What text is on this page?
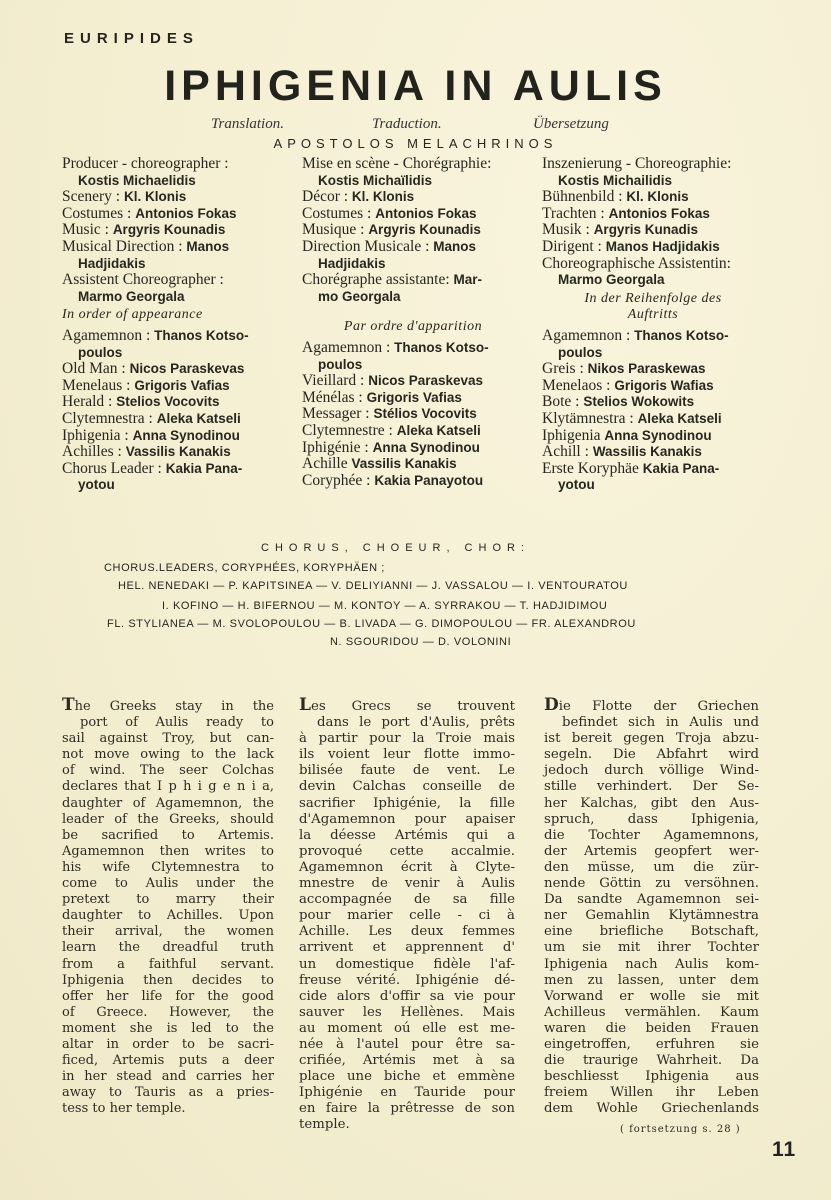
EURIPIDES
IPHIGENIA IN AULIS
Translation.	Traduction.	Übersetzung
APOSTOLOS MELACHRINOS
Producer - choreographer :
Kostis Michaelidis
Scenery : Kl. Klonis
Costumes : Antonios Fokas
Music : Argyris Kounadis
Musical Direction : Manos
Hadjidakis
Assistent Choreographer :
Marmo Georgala
In order of appearance
Agamemnon : Thanos Kotso-
poulos
Old Man : Nicos Paraskevas
Menelaus : Grigoris Vafias
Herald : Stelios Vocovits
Clytemnestra : Aleka Katseli
Iphigenia : Anna Synodinou
Achilles : Vassilis Kanakis
Chorus Leader : Kakia Pana-
yotou
Mise en scène - Chorégraphie:
Kostis Michaïlidis
Décor : Kl. Klonis
Costumes : Antonios Fokas
Musique : Argyris Kounadis
Direction Musicale : Manos
Hadjidakis
Chorégraphe assistante: Mar-
mo Georgala
Par ordre d'apparition
Agamemnon : Thanos Kotso-
poulos
Vieillard : Nicos Paraskevas
Ménélas : Grigoris Vafias
Messager : Stélios Vocovits
Clytemnestre : Aleka Katseli
Iphigénie : Anna Synodinou
Achille Vassilis Kanakis
Coryphée : Kakia Panayotou
Inszenierung - Choreographie:
Kostis Michailidis
Bühnenbild : Kl. Klonis
Trachten : Antonios Fokas
Musik : Argyris Kunadis
Dirigent : Manos Hadjidakis
Choreographische Assistentin:
Marmo Georgala
In der Reihenfolge des
Auftritts
Agamemnon : Thanos Kotso-
poulos
Greis : Nikos Paraskewas
Menelaos : Grigoris Wafias
Bote : Stelios Wokowits
Klytämnestra : Aleka Katseli
Iphigenia Anna Synodinou
Achill : Wassilis Kanakis
Erste Koryphäe Kakia Pana-
yotou
CHORUS, CHOEUR, CHOR:
CHORUS.LEADERS, CORYPHÉES, KORYPHÄEN ;
HEL. NENEDAKI — P. KAPITSINEA — V. DELIYIANNI — J. VASSALOU — I. VENTOURATOU
I. KOFINO — H. BIFERNOU — M. KONTOY — A. SYRRAKOU — T. HADJIDIMOU
FL. STYLIANEA — M. SVOLOPOULOU — B. LIVADA — G. DIMOPOULOU — FR. ALEXANDROU
N. SGOURIDOU — D. VOLONINI
The Greeks stay in the
port of Aulis ready to
sail against Troy, but can-
not move owing to the lack
of wind. The seer Colchas
declares that I p h i g e n i a,
daughter of Agamemnon, the
leader of the Greeks, should
be sacrified to Artemis.
Agamemnon then writes to
his wife Clytemnestra to
come to Aulis under the
pretext to marry their
daughter to Achilles. Upon
their arrival, the women
learn the dreadful truth
from a faithful servant.
Iphigenia then decides to
offer her life for the good
of Greece. However, the
moment she is led to the
altar in order to be sacri-
ficed, Artemis puts a deer
in her stead and carries her
away to Tauris as a pries-
tess to her temple.
Les Grecs se trouvent
dans le port d'Aulis, prêts
à partir pour la Troie mais
ils voient leur flotte immo-
bilisée faute de vent. Le
devin Calchas conseille de
sacrifier Iphigénie, la fille
d'Agamemnon pour apaiser
la déesse Artémis qui a
provoqué cette accalmie.
Agamemnon écrit à Clyte-
mnestre de venir à Aulis
accompagnée de sa fille
pour marier celle - ci à
Achille. Les deux femmes
arrivent et apprennent d'
un domestique fidèle l'af-
freuse vérité. Iphigénie dé-
cide alors d'offir sa vie pour
sauver les Hellènes. Mais
au moment oú elle est me-
née à l'autel pour être sa-
crifiée, Artémis met à sa
place une biche et emmène
Iphigénie en Tauride pour
en faire la prêtresse de son
temple.
Die Flotte der Griechen
befindet sich in Aulis und
ist bereit gegen Troja abzu-
segeln. Die Abfahrt wird
jedoch durch völlige Wind-
stille verhindert. Der Se-
her Kalchas, gibt den Aus-
spruch, dass Iphigenia,
die Tochter Agamemnons,
der Artemis geopfert wer-
den müsse, um die zür-
nende Göttin zu versöhnen.
Da sandte Agamemnon sei-
ner Gemahlin Klytämnestra
eine briefliche Botschaft,
um sie mit ihrer Tochter
Iphigenia nach Aulis kom-
men zu lassen, unter dem
Vorwand er wolle sie mit
Achilleus vermählen. Kaum
waren die beiden Frauen
eingetroffen, erfuhren sie
die traurige Wahrheit. Da
beschliesst Iphigenia aus
freiem Willen ihr Leben
dem Wohle Griechenlands
( fortsetzung s. 28 )
11
